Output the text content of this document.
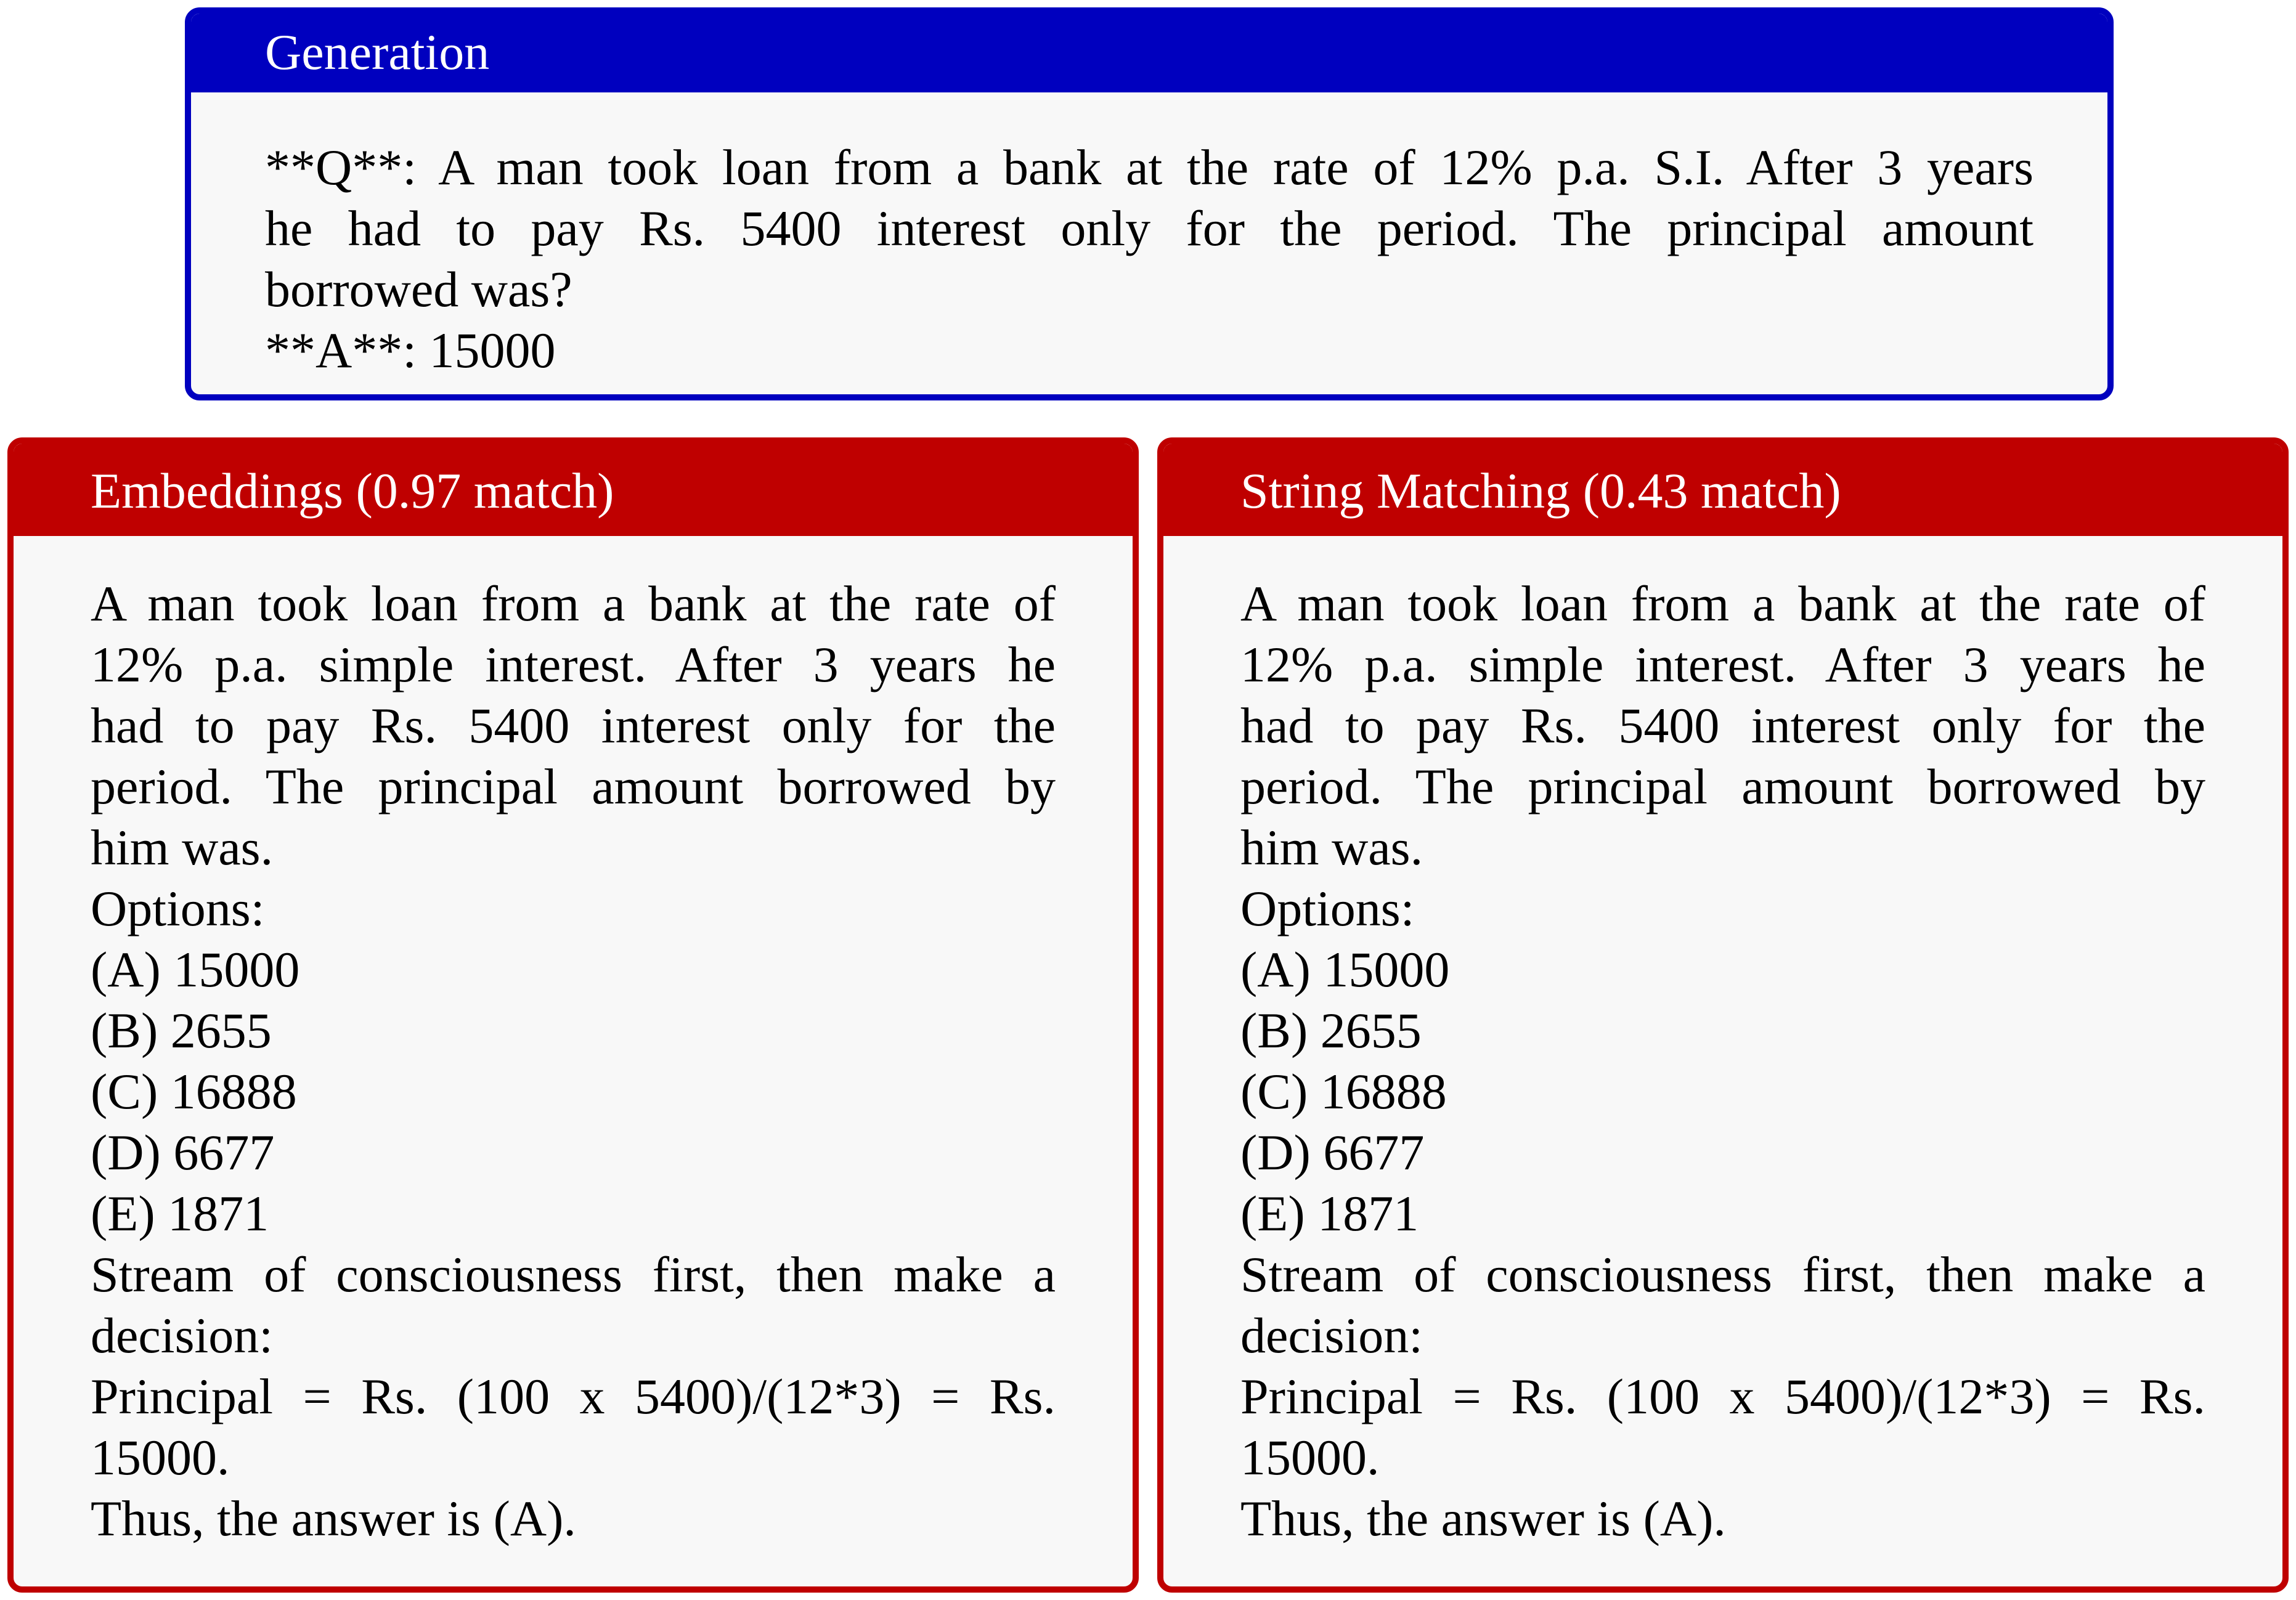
Generation
**Q**: A man took loan from a bank at the rate of 12% p.a. S.I. After 3 years
he had to pay Rs. 5400 interest only for the period. The principal amount
borrowed was?
**A**: 15000
Embeddings (0.97 match)
A man took loan from a bank at the rate of
12% p.a. simple interest. After 3 years he
had to pay Rs. 5400 interest only for the
period. The principal amount borrowed by
him was.
Options:
(A) 15000
(B) 2655
(C) 16888
(D) 6677
(E) 1871
Stream of consciousness first, then make a
decision:
Principal = Rs. (100 x 5400)/(12*3) = Rs.
15000.
Thus, the answer is (A).
String Matching (0.43 match)
A man took loan from a bank at the rate of
12% p.a. simple interest. After 3 years he
had to pay Rs. 5400 interest only for the
period. The principal amount borrowed by
him was.
Options:
(A) 15000
(B) 2655
(C) 16888
(D) 6677
(E) 1871
Stream of consciousness first, then make a
decision:
Principal = Rs. (100 x 5400)/(12*3) = Rs.
15000.
Thus, the answer is (A).
